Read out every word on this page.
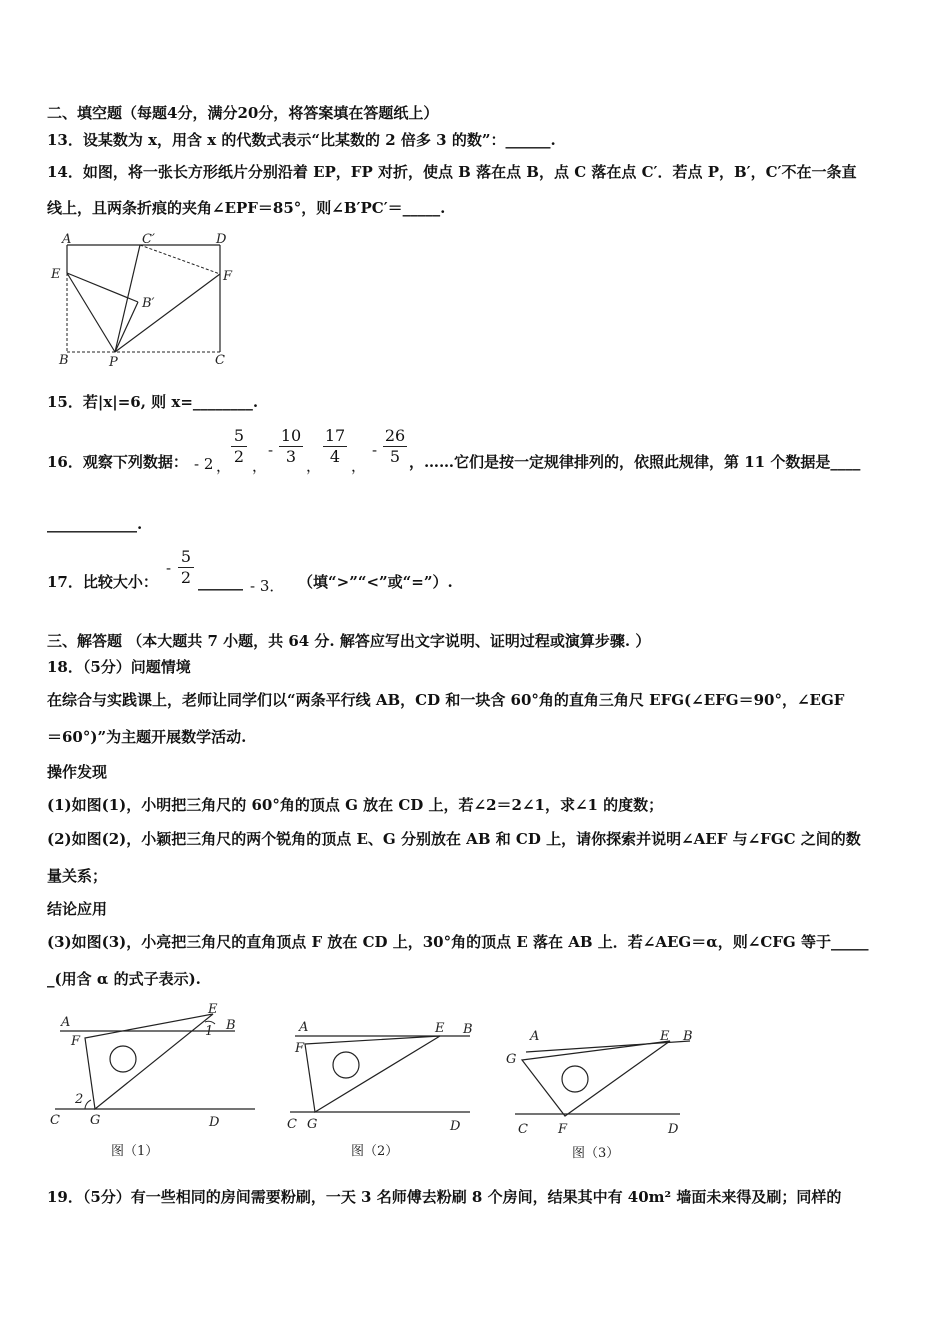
二、填空题（每题4分，满分20分，将答案填在答题纸上）
13．设某数为 x，用含 x 的代数式表示“比某数的 2 倍多 3 的数”：______.
14．如图，将一张长方形纸片分别沿着 EP，FP 对折，使点 B 落在点 B，点 C 落在点 C′．若点 P，B′，C′不在一条直
线上，且两条折痕的夹角∠EPF＝85°，则∠B′PC′＝_____.
A	C′	D
E	F
B′
B	P	C
15．若|x|=6, 则 x=________.
16．观察下列数据： - 2 ，
5
2 ，
-
10
3 ，
17
4 ，
-
26
5 ，……它们是按一定规律排列的，依照此规律，第 11 个数据是____
____________.
17．比较大小：
-
5
2 ______ - 3． （填“>”“<”或“=”）.
三、解答题 （本大题共 7 小题，共 64 分. 解答应写出文字说明、证明过程或演算步骤. ）
18．（5分）问题情境
在综合与实践课上，老师让同学们以“两条平行线 AB，CD 和一块含 60°角的直角三角尺 EFG(∠EFG＝90°，∠EGF
＝60°)”为主题开展数学活动.
操作发现
(1)如图(1)，小明把三角尺的 60°角的顶点 G 放在 CD 上，若∠2＝2∠1，求∠1 的度数；
(2)如图(2)，小颖把三角尺的两个锐角的顶点 E、G 分别放在 AB 和 CD 上，请你探索并说明∠AEF 与∠FGC 之间的数
量关系；
结论应用
(3)如图(3)，小亮把三角尺的直角顶点 F 放在 CD 上，30°角的顶点 E 落在 AB 上．若∠AEG＝α，则∠CFG 等于_____
_(用含 α 的式子表示).
A	B
E
F
1
2
C G	D
图（1）
A	E B
F
C G	D
图（2）
A	E B
G
C F	D
图（3）
19．（5分）有一些相同的房间需要粉刷，一天 3 名师傅去粉刷 8 个房间，结果其中有 40m² 墙面未来得及刷；同样的
